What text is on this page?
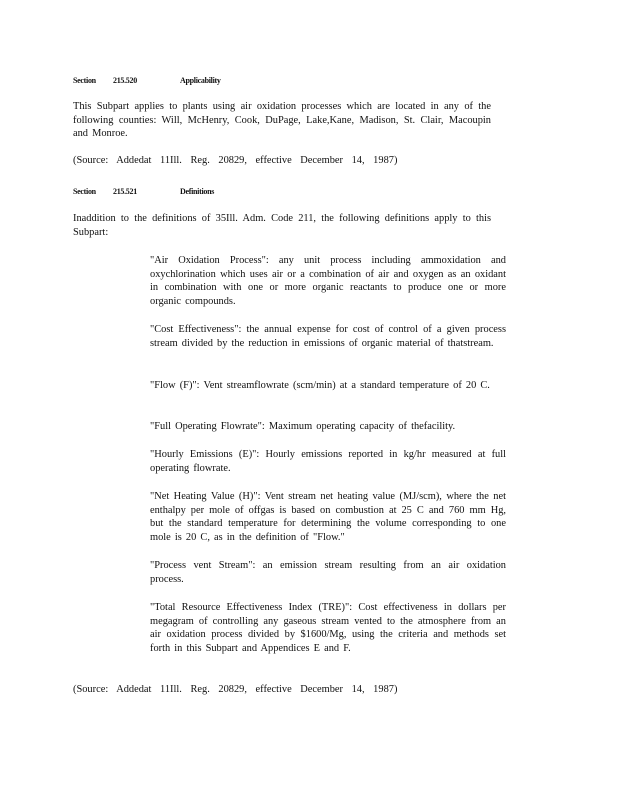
Section 215.520	Applicability
This Subpart applies to plants using air oxidation processes which are located in any of the following counties: Will, McHenry, Cook, DuPage, Lake,Kane, Madison, St. Clair, Macoupin and Monroe.
(Source: Addedat 11Ill. Reg. 20829, effective December 14, 1987)
Section 215.521	Definitions
Inaddition to the definitions of 35Ill. Adm. Code 211, the following definitions apply to this Subpart:
"Air Oxidation Process": any unit process including ammoxidation and oxychlorination which uses air or a combination of air and oxygen as an oxidant in combination with one or more organic reactants to produce one or more organic compounds.
"Cost Effectiveness": the annual expense for cost of control of a given process stream divided by the reduction in emissions of organic material of thatstream.
"Flow (F)": Vent streamflowrate (scm/min) at a standard temperature of 20 C.
"Full Operating Flowrate": Maximum operating capacity of thefacility.
"Hourly Emissions (E)": Hourly emissions reported in kg/hr measured at full operating flowrate.
"Net Heating Value (H)": Vent stream net heating value (MJ/scm), where the net enthalpy per mole of offgas is based on combustion at 25 C and 760 mm Hg, but the standard temperature for determining the volume corresponding to one mole is 20 C, as in the definition of "Flow."
"Process vent Stream": an emission stream resulting from an air oxidation process.
"Total Resource Effectiveness Index (TRE)": Cost effectiveness in dollars per megagram of controlling any gaseous stream vented to the atmosphere from an air oxidation process divided by $1600/Mg, using the criteria and methods set forth in this Subpart and Appendices E and F.
(Source: Addedat 11Ill. Reg. 20829, effective December 14, 1987)
